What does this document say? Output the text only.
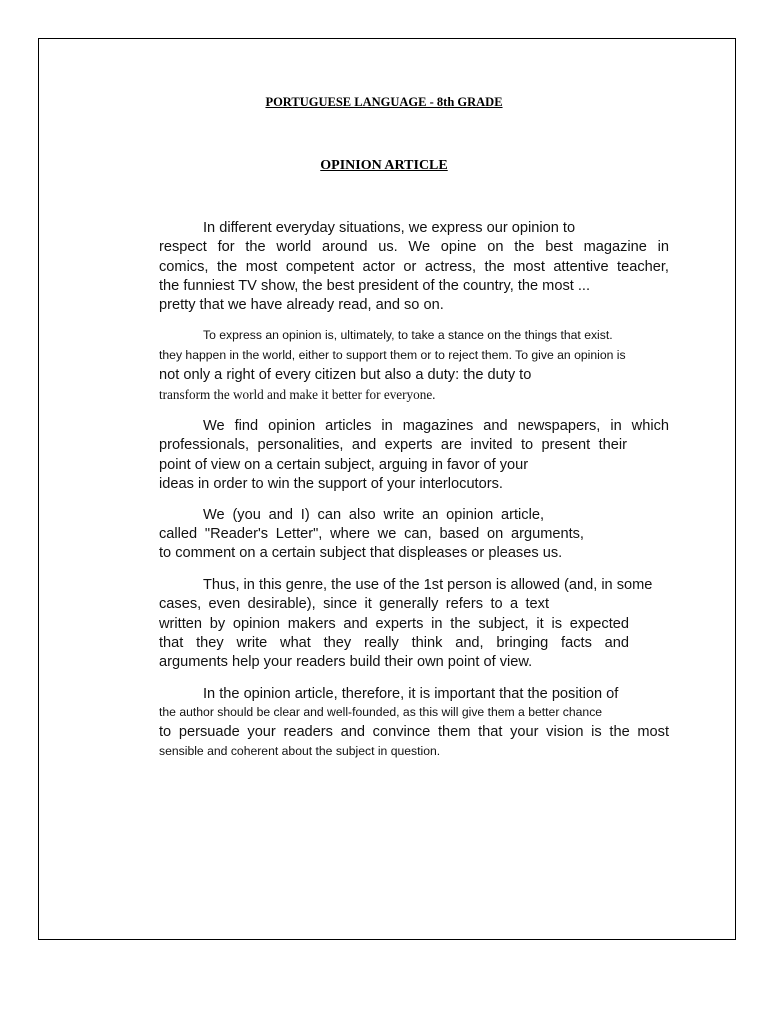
PORTUGUESE LANGUAGE - 8th GRADE
OPINION ARTICLE
In different everyday situations, we express our opinion to
respect for the world around us. We opine on the best magazine in
comics, the most competent actor or actress, the most attentive teacher,
the funniest TV show, the best president of the country, the most ...
pretty that we have already read, and so on.
To express an opinion is, ultimately, to take a stance on the things that exist.
they happen in the world, either to support them or to reject them. To give an opinion is
not only a right of every citizen but also a duty: the duty to
transform the world and make it better for everyone.
We find opinion articles in magazines and newspapers, in which
professionals, personalities, and experts are invited to present their
point of view on a certain subject, arguing in favor of your
ideas in order to win the support of your interlocutors.
We (you and I) can also write an opinion article,
called "Reader's Letter", where we can, based on arguments,
to comment on a certain subject that displeases or pleases us.
Thus, in this genre, the use of the 1st person is allowed (and, in some
cases, even desirable), since it generally refers to a text
written by opinion makers and experts in the subject, it is expected
that they write what they really think and, bringing facts and
arguments help your readers build their own point of view.
In the opinion article, therefore, it is important that the position of
the author should be clear and well-founded, as this will give them a better chance
to persuade your readers and convince them that your vision is the most
sensible and coherent about the subject in question.
